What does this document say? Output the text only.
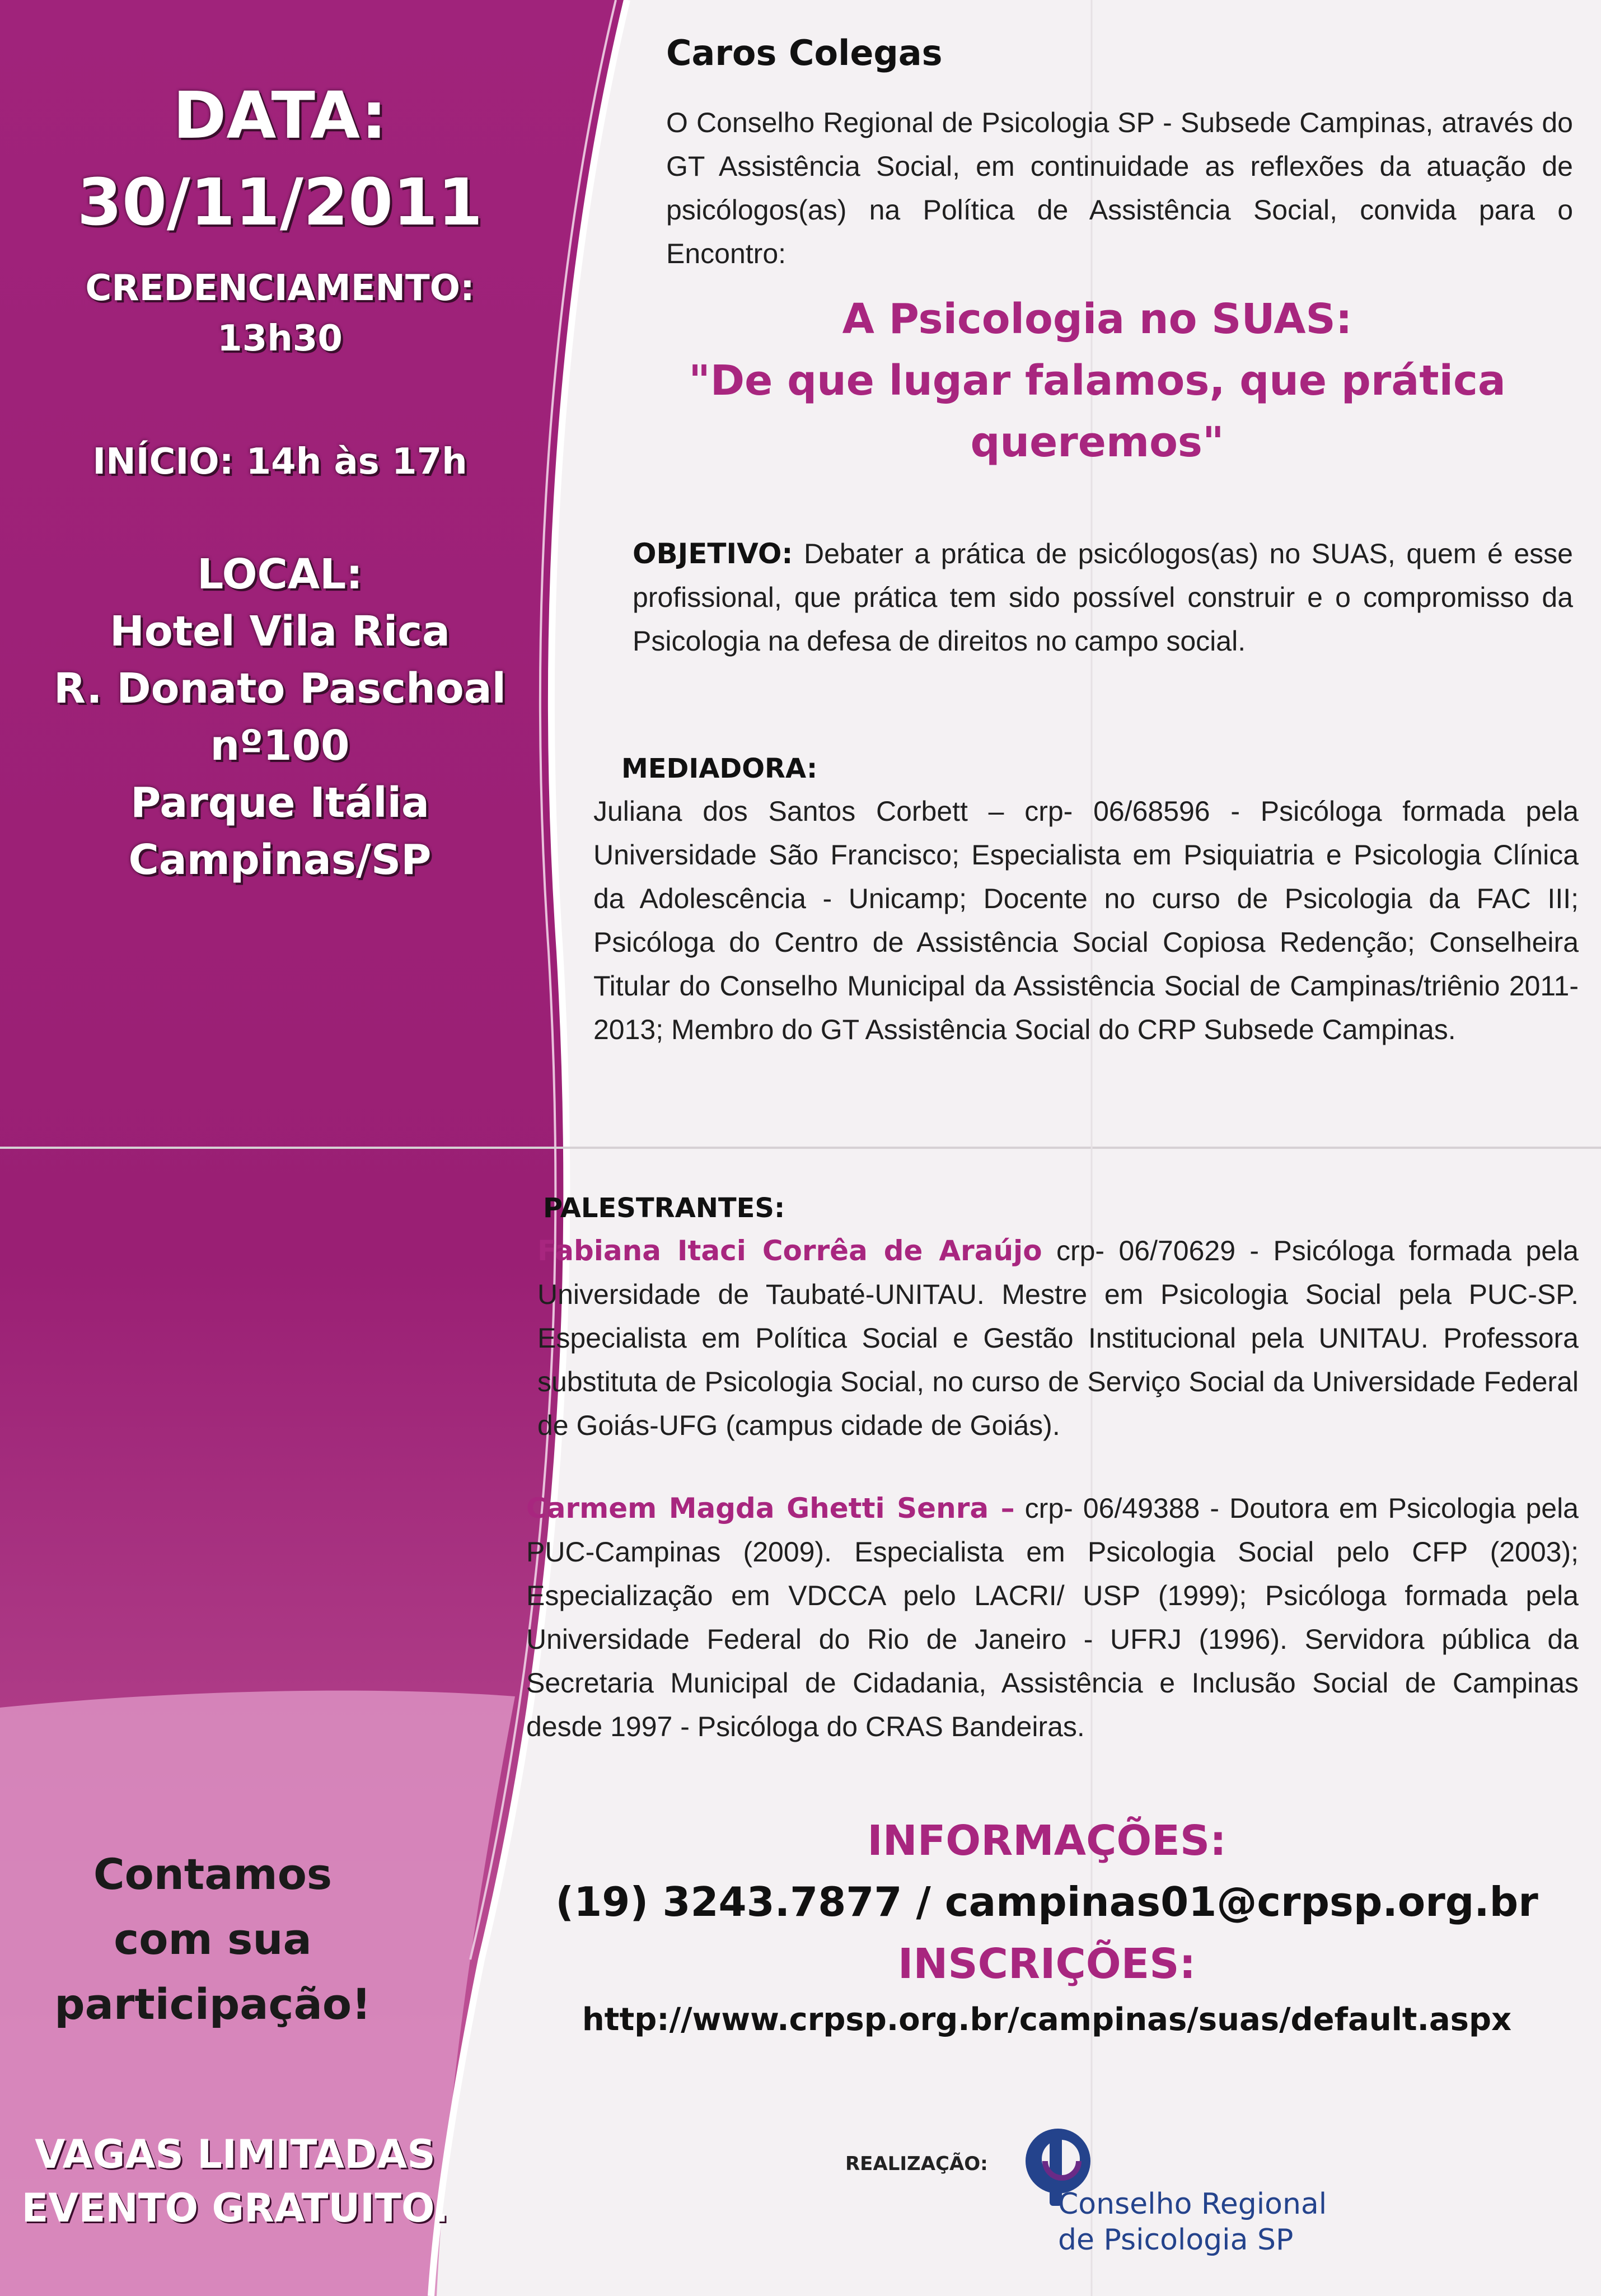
DATA:
30/11/2011
CREDENCIAMENTO:
13h30
INÍCIO: 14h às 17h
LOCAL:
Hotel Vila Rica
R. Donato Paschoal
nº100
Parque Itália
Campinas/SP
Contamos
com sua
participação!
VAGAS LIMITADAS
EVENTO GRATUITO.
Caros Colegas
O Conselho Regional de Psicologia SP - Subsede Campinas, através do GT Assistência Social, em continuidade as reflexões da atuação de psicólogos(as) na Política de Assistência Social, convida para o Encontro:
A Psicologia no SUAS:
"De que lugar falamos, que prática
queremos"
OBJETIVO: Debater a prática de psicólogos(as) no SUAS, quem é esse profissional, que prática tem sido possível construir e o compromisso da Psicologia na defesa de direitos no campo social.
MEDIADORA:
Juliana dos Santos Corbett – crp- 06/68596 - Psicóloga formada pela Universidade São Francisco; Especialista em Psiquiatria e Psicologia Clínica da Adolescência - Unicamp; Docente no curso de Psicologia da FAC III; Psicóloga do Centro de Assistência Social Copiosa Redenção; Conselheira Titular do Conselho Municipal da Assistência Social de Campinas/triênio 2011-2013; Membro do GT Assistência Social do CRP Subsede Campinas.
PALESTRANTES:
Fabiana Itaci Corrêa de Araújo crp- 06/70629 - Psicóloga formada pela Universidade de Taubaté-UNITAU. Mestre em Psicologia Social pela PUC-SP. Especialista em Política Social e Gestão Institucional pela UNITAU. Professora substituta de Psicologia Social, no curso de Serviço Social da Universidade Federal de Goiás-UFG (campus cidade de Goiás).
Carmem Magda Ghetti Senra – crp- 06/49388 - Doutora em Psicologia pela PUC-Campinas (2009). Especialista em Psicologia Social pelo CFP (2003); Especialização em VDCCA pelo LACRI/ USP (1999); Psicóloga formada pela Universidade Federal do Rio de Janeiro - UFRJ (1996). Servidora pública da Secretaria Municipal de Cidadania, Assistência e Inclusão Social de Campinas desde 1997 - Psicóloga do CRAS Bandeiras.
INFORMAÇÕES:
(19) 3243.7877 / campinas01@crpsp.org.br
INSCRIÇÕES:
http://www.crpsp.org.br/campinas/suas/default.aspx
REALIZAÇÃO:
Conselho Regional
de Psicologia SP
